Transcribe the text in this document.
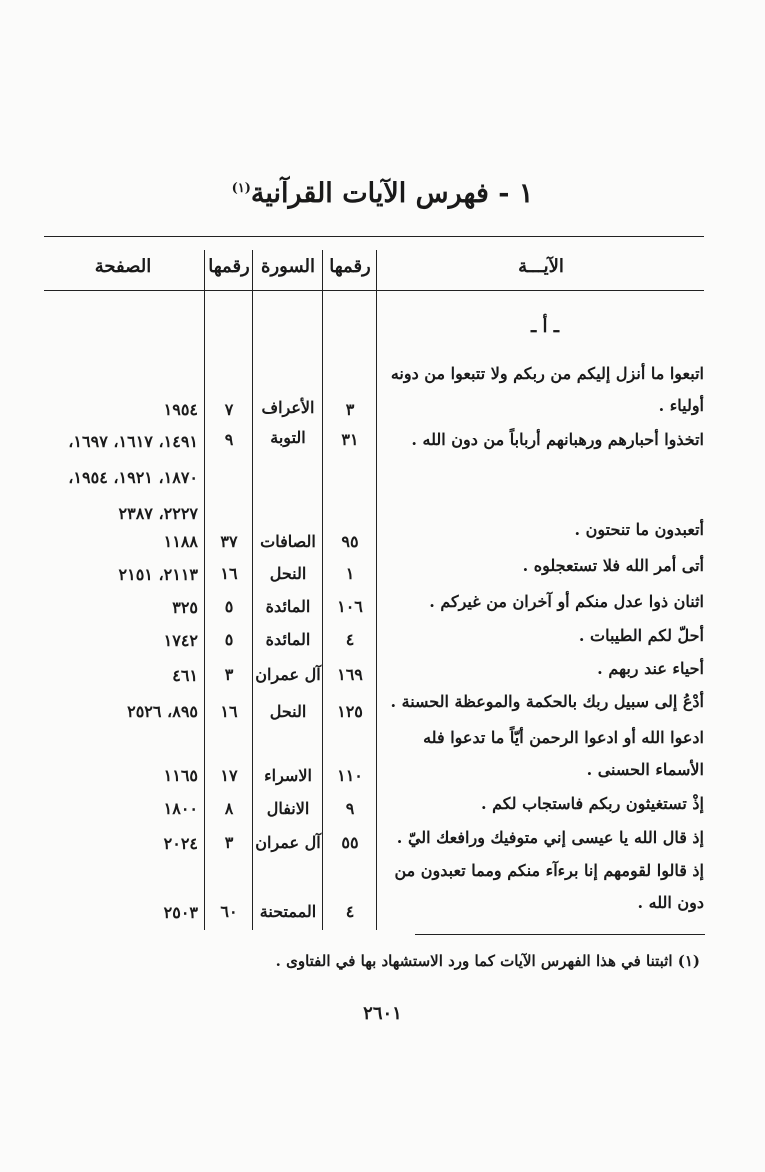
١ - فهرس الآيات القرآنية$^{(١)}$
الآيـــة
رقمها
السورة
رقمها
الصفحة
ـ أ ـ
اتبعوا ما أنزل إليكم من ربكم ولا تتبعوا من دونه أولياء .
٣
الأعراف
٧
١٩٥٤
اتخذوا أحبارهم ورهبانهم أرباباً من دون الله .
٣١
التوبة
٩
١٤٩١، ١٦١٧، ١٦٩٧، ١٨٧٠، ١٩٢١، ١٩٥٤، ٢٢٢٧، ٢٣٨٧
أتعبدون ما تنحتون .
٩٥
الصافات
٣٧
١١٨٨
أتى أمر الله فلا تستعجلوه .
١
النحل
١٦
٢١١٣، ٢١٥١
اثنان ذوا عدل منكم أو آخران من غيركم .
١٠٦
المائدة
٥
٣٢٥
أحلّ لكم الطيبات .
٤
المائدة
٥
١٧٤٢
أحياء عند ربهم .
١٦٩
آل عمران
٣
٤٦١
أدْعُ إلى سبيل ربك بالحكمة والموعظة الحسنة .
١٢٥
النحل
١٦
٨٩٥، ٢٥٢٦
ادعوا الله أو ادعوا الرحمن أيّاً ما تدعوا فله الأسماء الحسنى .
١١٠
الاسراء
١٧
١١٦٥
إذْ تستغيثون ربكم فاستجاب لكم .
٩
الانفال
٨
١٨٠٠
إذ قال الله يا عيسى إني متوفيك ورافعك اليّ .
٥٥
آل عمران
٣
٢٠٢٤
إذ قالوا لقومهم إنا برءآء منكم ومما تعبدون من دون الله .
٤
الممتحنة
٦٠
٢٥٠٣
(١) اثبتنا في هذا الفهرس الآيات كما ورد الاستشهاد بها في الفتاوى .
٢٦٠١
